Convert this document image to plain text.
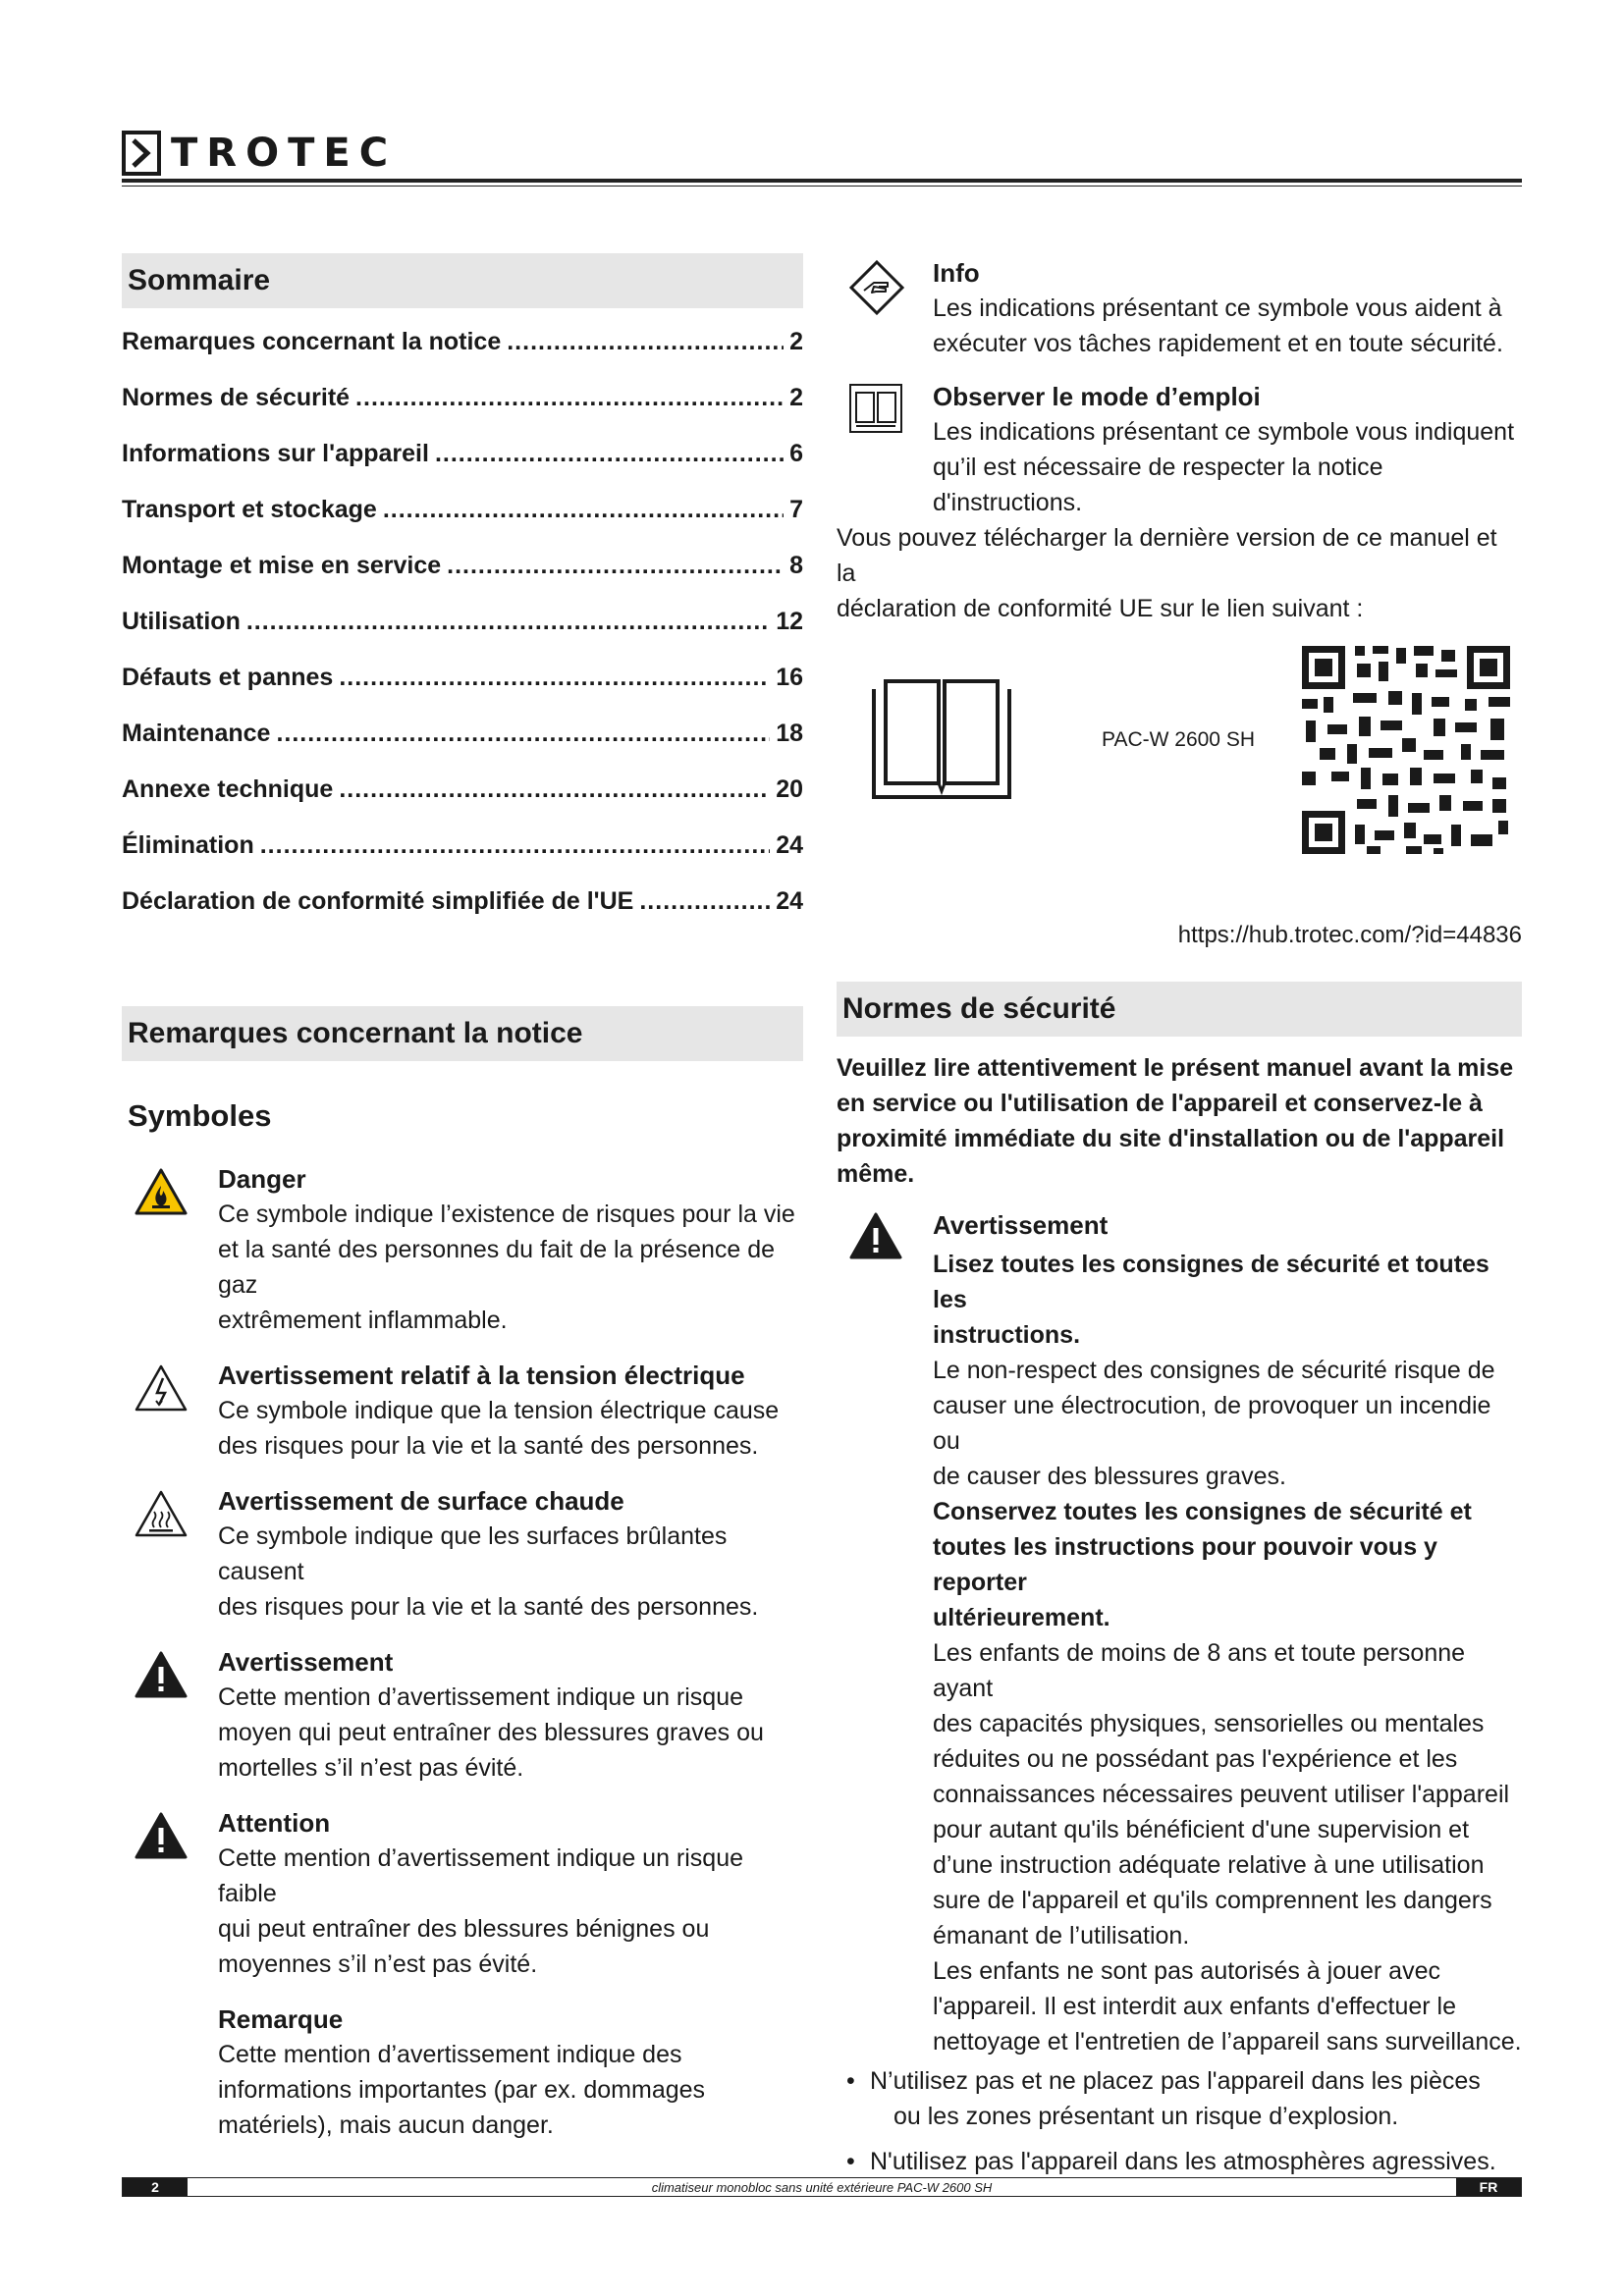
TROTEC
Sommaire
Remarques concernant la notice .....	2
Normes de sécurité .....	2
Informations sur l'appareil .....	6
Transport et stockage .....	7
Montage et mise en service .....	8
Utilisation .....	12
Défauts et pannes .....	16
Maintenance .....	18
Annexe technique .....	20
Élimination .....	24
Déclaration de conformité simplifiée de l'UE .....	24
Remarques concernant la notice
Symboles
Danger
Ce symbole indique l’existence de risques pour la vie
et la santé des personnes du fait de la présence de gaz
extrêmement inflammable.
Avertissement relatif à la tension électrique
Ce symbole indique que la tension électrique cause
des risques pour la vie et la santé des personnes.
Avertissement de surface chaude
Ce symbole indique que les surfaces brûlantes causent
des risques pour la vie et la santé des personnes.
Avertissement
Cette mention d’avertissement indique un risque
moyen qui peut entraîner des blessures graves ou
mortelles s’il n’est pas évité.
Attention
Cette mention d’avertissement indique un risque faible
qui peut entraîner des blessures bénignes ou
moyennes s’il n’est pas évité.
Remarque
Cette mention d’avertissement indique des
informations importantes (par ex. dommages
matériels), mais aucun danger.
Info
Les indications présentant ce symbole vous aident à
exécuter vos tâches rapidement et en toute sécurité.
Observer le mode d’emploi
Les indications présentant ce symbole vous indiquent
qu’il est nécessaire de respecter la notice
d'instructions.
Vous pouvez télécharger la dernière version de ce manuel et la
déclaration de conformité UE sur le lien suivant :
PAC-W 2600 SH
https://hub.trotec.com/?id=44836
Normes de sécurité
Veuillez lire attentivement le présent manuel avant la mise
en service ou l'utilisation de l'appareil et conservez-le à
proximité immédiate du site d'installation ou de l'appareil
même.
Avertissement
Lisez toutes les consignes de sécurité et toutes les
instructions.
Le non-respect des consignes de sécurité risque de
causer une électrocution, de provoquer un incendie ou
de causer des blessures graves.
Conservez toutes les consignes de sécurité et
toutes les instructions pour pouvoir vous y reporter
ultérieurement.
Les enfants de moins de 8 ans et toute personne ayant
des capacités physiques, sensorielles ou mentales
réduites ou ne possédant pas l'expérience et les
connaissances nécessaires peuvent utiliser l'appareil
pour autant qu'ils bénéficient d'une supervision et
d’une instruction adéquate relative à une utilisation
sure de l'appareil et qu'ils comprennent les dangers
émanant de l’utilisation.
Les enfants ne sont pas autorisés à jouer avec
l'appareil. Il est interdit aux enfants d'effectuer le
nettoyage et l'entretien de l’appareil sans surveillance.
• N’utilisez pas et ne placez pas l'appareil dans les pièces
ou les zones présentant un risque d’explosion.
• N'utilisez pas l'appareil dans les atmosphères agressives.
2	climatiseur monobloc sans unité extérieure PAC-W 2600 SH	FR
